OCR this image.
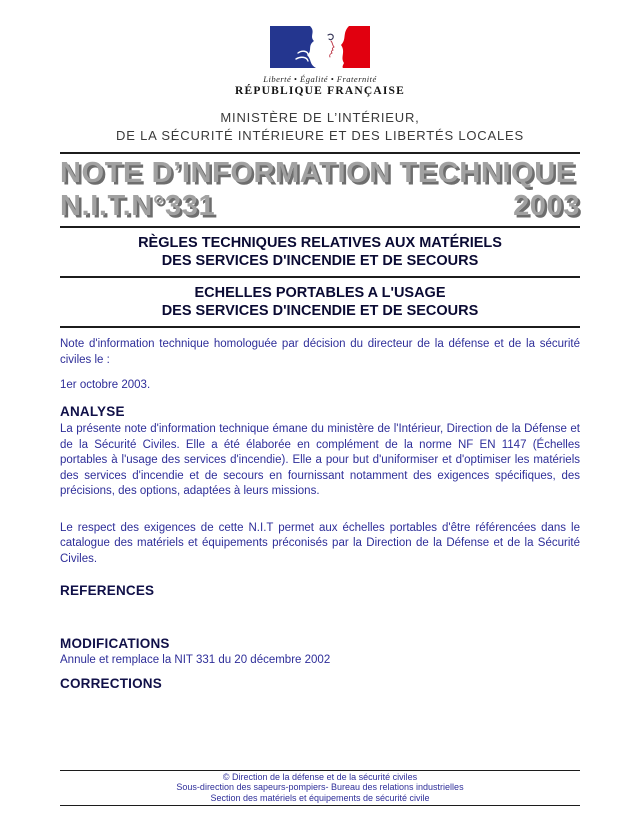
Liberté • Égalité • Fraternité
RÉPUBLIQUE FRANÇAISE
MINISTÈRE DE L’INTÉRIEUR,
DE LA SÉCURITÉ INTÉRIEURE ET DES LIBERTÉS LOCALES
NOTE D’INFORMATION TECHNIQUE
N.I.T.N°331	2003
RÈGLES TECHNIQUES RELATIVES AUX MATÉRIELS
DES SERVICES D'INCENDIE ET DE SECOURS
ECHELLES PORTABLES A L'USAGE
DES SERVICES D'INCENDIE ET DE SECOURS

Note d'information technique homologuée par décision du directeur de la défense et de la sécurité civiles le :

1er octobre 2003.

ANALYSE

La présente note d'information technique émane du ministère de l'Intérieur, Direction de la Défense et de la Sécurité Civiles. Elle a été élaborée en complément de la norme NF EN 1147 (Échelles portables à l'usage des services d'incendie). Elle a pour but d'uniformiser et d'optimiser les matériels des services d'incendie et de secours en fournissant notamment des exigences spécifiques, des précisions, des options, adaptées à leurs missions.

Le respect des exigences de cette N.I.T permet aux échelles portables d'être référencées dans le catalogue des matériels et équipements préconisés par la Direction de la Défense et de la Sécurité Civiles.

REFERENCES
MODIFICATIONS

Annule et remplace la NIT 331 du 20 décembre 2002

CORRECTIONS
© Direction de la défense et de la sécurité civiles
Sous-direction des sapeurs-pompiers- Bureau des relations industrielles
Section des matériels et équipements de sécurité civile
